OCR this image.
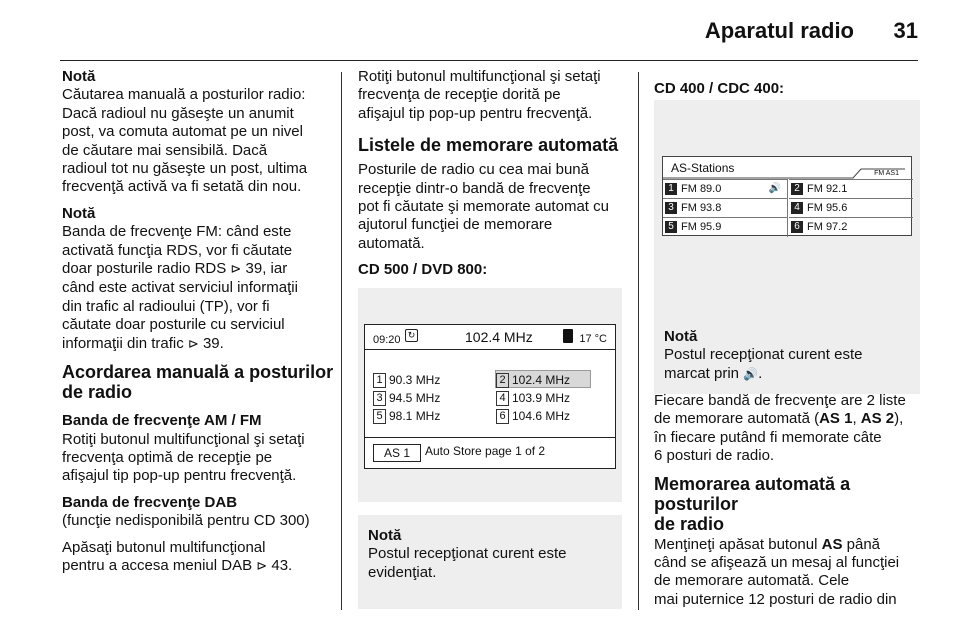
Aparatul radio 31
Notă
Căutarea manuală a posturilor radio:
Dacă radioul nu găseşte un anumit
post, va comuta automat pe un nivel
de căutare mai sensibilă. Dacă
radioul tot nu găseşte un post, ultima
frecvenţă activă va fi setată din nou.
Notă
Banda de frecvenţe FM: când este
activată funcţia RDS, vor fi căutate
doar posturile radio RDS ⊳ 39, iar
când este activat serviciul informaţii
din trafic al radioului (TP), vor fi
căutate doar posturile cu serviciul
informaţii din trafic ⊳ 39.
Acordarea manuală a posturilor
de radio
Banda de frecvenţe AM / FM
Rotiţi butonul multifuncţional şi setaţi
frecvenţa optimă de recepţie pe
afişajul tip pop-up pentru frecvenţă.
Banda de frecvenţe DAB
(funcţie nedisponibilă pentru CD 300)
Apăsaţi butonul multifuncţional
pentru a accesa meniul DAB ⊳ 43.
Rotiţi butonul multifuncţional şi setaţi
frecvenţa de recepţie dorită pe
afişajul tip pop-up pentru frecvenţă.
Listele de memorare automată
Posturile de radio cu cea mai bună
recepţie dintr-o bandă de frecvenţe
pot fi căutate şi memorate automat cu
ajutorul funcţiei de memorare
automată.
CD 500 / DVD 800:
09:20 ↻	102.4 MHz	17 °C
1 90.3 MHz	2 102.4 MHz
3 94.5 MHz	4 103.9 MHz
5 98.1 MHz	6 104.6 MHz
AS 1	Auto Store page 1 of 2
Notă
Postul recepţionat curent este
evidenţiat.
CD 400 / CDC 400:
AS-Stations	FM AS1
1 FM 89.0	🔊	2 FM 92.1
3 FM 93.8	4 FM 95.6
5 FM 95.9	6 FM 97.2
Notă
Postul recepţionat curent este
marcat prin 🔊.
Fiecare bandă de frecvenţe are 2 liste
de memorare automată (AS 1, AS 2),
în fiecare putând fi memorate câte
6 posturi de radio.
Memorarea automată a posturilor
de radio
Menţineţi apăsat butonul AS până
când se afişează un mesaj al funcţiei
de memorare automată. Cele
mai puternice 12 posturi de radio din
